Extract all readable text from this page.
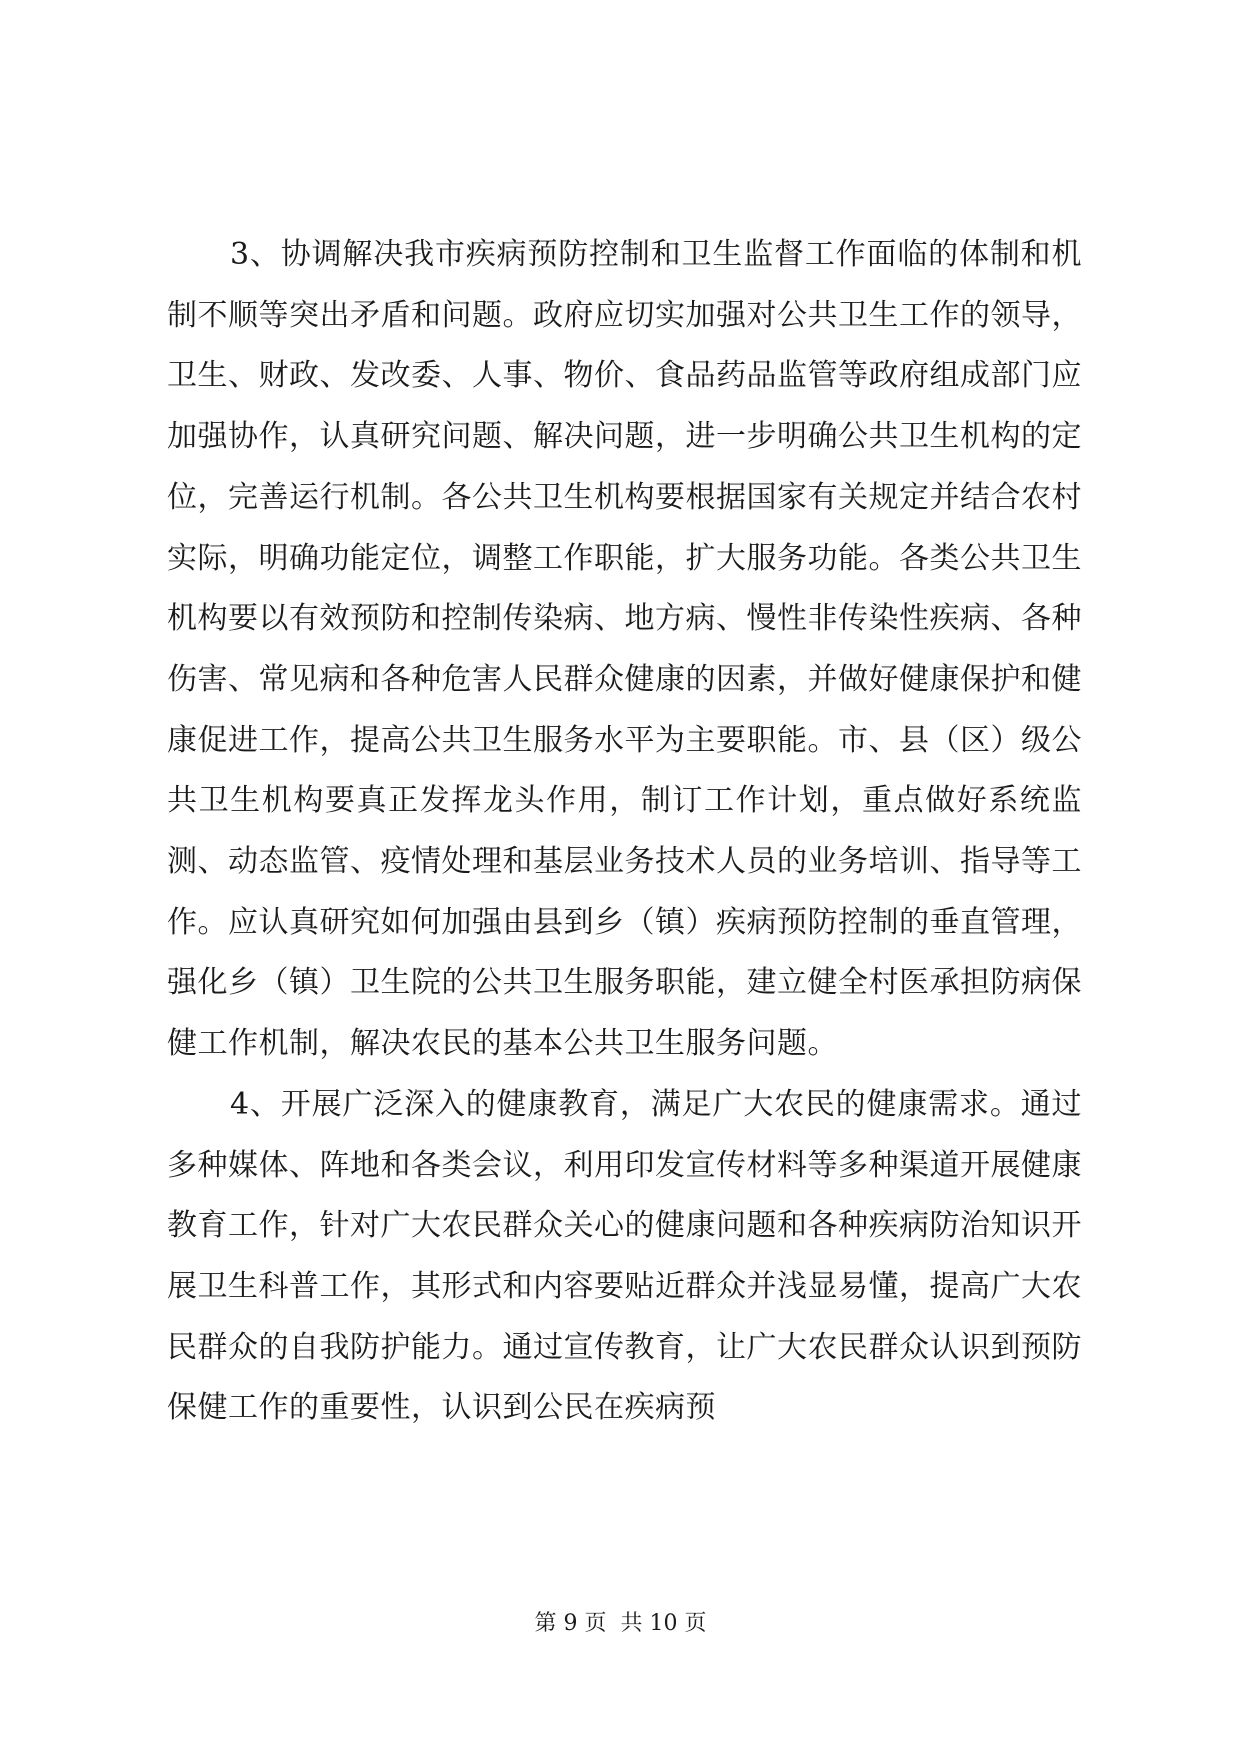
3、协调解决我市疾病预防控制和卫生监督工作面临的体制和机制不顺等突出矛盾和问题。政府应切实加强对公共卫生工作的领导，卫生、财政、发改委、人事、物价、食品药品监管等政府组成部门应加强协作，认真研究问题、解决问题，进一步明确公共卫生机构的定位，完善运行机制。各公共卫生机构要根据国家有关规定并结合农村实际，明确功能定位，调整工作职能，扩大服务功能。各类公共卫生机构要以有效预防和控制传染病、地方病、慢性非传染性疾病、各种伤害、常见病和各种危害人民群众健康的因素，并做好健康保护和健康促进工作，提高公共卫生服务水平为主要职能。市、县（区）级公共卫生机构要真正发挥龙头作用，制订工作计划，重点做好系统监测、动态监管、疫情处理和基层业务技术人员的业务培训、指导等工作。应认真研究如何加强由县到乡（镇）疾病预防控制的垂直管理，强化乡（镇）卫生院的公共卫生服务职能，建立健全村医承担防病保健工作机制，解决农民的基本公共卫生服务问题。

4、开展广泛深入的健康教育，满足广大农民的健康需求。通过多种媒体、阵地和各类会议，利用印发宣传材料等多种渠道开展健康教育工作，针对广大农民群众关心的健康问题和各种疾病防治知识开展卫生科普工作，其形式和内容要贴近群众并浅显易懂，提高广大农民群众的自我防护能力。通过宣传教育，让广大农民群众认识到预防保健工作的重要性，认识到公民在疾病预

第 9 页  共 10 页
